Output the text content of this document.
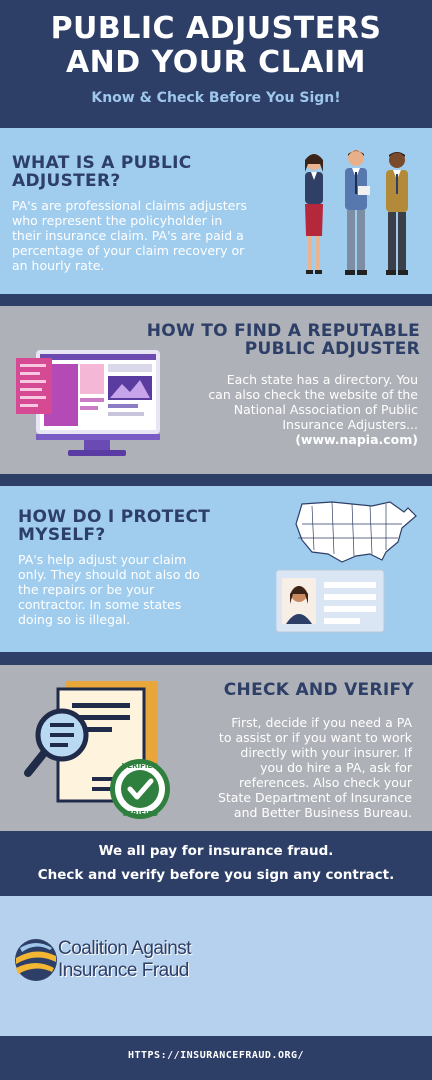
PUBLIC ADJUSTERS
AND YOUR CLAIM
Know & Check Before You Sign!
WHAT IS A PUBLIC
ADJUSTER?
PA's are professional claims adjusters
who represent the policyholder in
their insurance claim. PA's are paid a
percentage of your claim recovery or
an hourly rate.
HOW TO FIND A REPUTABLE
PUBLIC ADJUSTER
Each state has a directory. You
can also check the website of the
National Association of Public
Insurance Adjusters...
(www.napia.com)
HOW DO I PROTECT
MYSELF?
PA's help adjust your claim
only. They should not also do
the repairs or be your
contractor. In some states
doing so is illegal.
CHECK AND VERIFY
First, decide if you need a PA
to assist or if you want to work
directly with your insurer. If
you do hire a PA, ask for
references. Also check your
State Department of Insurance
and Better Business Bureau.
VERIFIED
VERIFIED
We all pay for insurance fraud.
Check and verify before you sign any contract.
Coalition Against
Insurance Fraud
HTTPS://INSURANCEFRAUD.ORG/
